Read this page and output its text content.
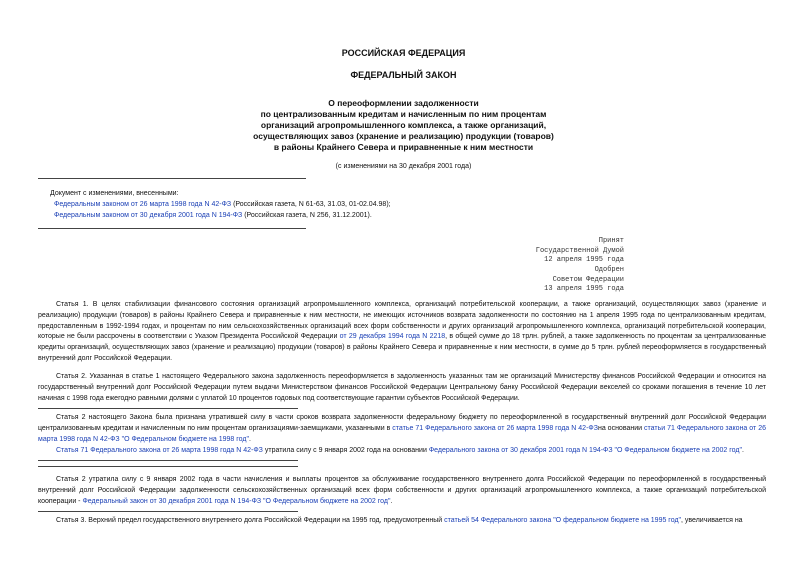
РОССИЙСКАЯ ФЕДЕРАЦИЯ
ФЕДЕРАЛЬНЫЙ ЗАКОН
О переоформлении задолженности
по централизованным кредитам и начисленным по ним процентам
организаций агропромышленного комплекса, а также организаций,
осуществляющих завоз (хранение и реализацию) продукции (товаров)
в районы Крайнего Севера и приравненные к ним местности
(с изменениями на 30 декабря 2001 года)
Документ с изменениями, внесенными:
Федеральным законом от 26 марта 1998 года N 42-ФЗ (Российская газета, N 61-63, 31.03, 01-02.04.98);
Федеральным законом от 30 декабря 2001 года N 194-ФЗ (Российская газета, N 256, 31.12.2001).
Принят
Государственной Думой
12 апреля 1995 года
Одобрен
Советом Федерации
13 апреля 1995 года
Статья 1. В целях стабилизации финансового состояния организаций агропромышленного комплекса, организаций потребительской кооперации, а также организаций, осуществляющих завоз (хранение и реализацию) продукции (товаров) в районы Крайнего Севера и приравненные к ним местности, не имеющих источников возврата задолженности по состоянию на 1 апреля 1995 года по централизованным кредитам, предоставленным в 1992-1994 годах, и процентам по ним сельскохозяйственных организаций всех форм собственности и других организаций агропромышленного комплекса, организаций потребительской кооперации, которые не были рассрочены в соответствии с Указом Президента Российской Федерации от 29 декабря 1994 года N 2218, в общей сумме до 18 трлн. рублей, а также задолженность по процентам за централизованные кредиты организаций, осуществляющих завоз (хранение и реализацию) продукции (товаров) в районы Крайнего Севера и приравненные к ним местности, в сумме до 5 трлн. рублей переоформляется в государственный внутренний долг Российской Федерации.
Статья 2. Указанная в статье 1 настоящего Федерального закона задолженность переоформляется в задолженность указанных там же организаций Министерству финансов Российской Федерации и относится на государственный внутренний долг Российской Федерации путем выдачи Министерством финансов Российской Федерации Центральному банку Российской Федерации векселей со сроками погашения в течение 10 лет начиная с 1998 года ежегодно равными долями с уплатой 10 процентов годовых под соответствующие гарантии субъектов Российской Федерации.
Статья 2 настоящего Закона была признана утратившей силу в части сроков возврата задолженности федеральному бюджету по переоформленной в государственный внутренний долг Российской Федерации централизованным кредитам и начисленным по ним процентам организациями-заемщиками, указанными в статье 71 Федерального закона от 26 марта 1998 года N 42-ФЗна основании статьи 71 Федерального закона от 26 марта 1998 года N 42-ФЗ "О Федеральном бюджете на 1998 год".
Статья 71 Федерального закона от 26 марта 1998 года N 42-ФЗ утратила силу с 9 января 2002 года на основании Федерального закона от 30 декабря 2001 года N 194-ФЗ "О Федеральном бюджете на 2002 год".
Статья 2 утратила силу с 9 января 2002 года в части начисления и выплаты процентов за обслуживание государственного внутреннего долга Российской Федерации по переоформленной в государственный внутренний долг Российской Федерации задолженности сельскохозяйственных организаций всех форм собственности и других организаций агропромышленного комплекса, а также организаций потребительской кооперации - Федеральный закон от 30 декабря 2001 года N 194-ФЗ "О Федеральном бюджете на 2002 год".
Статья 3. Верхний предел государственного внутреннего долга Российской Федерации на 1995 год, предусмотренный статьей 54 Федерального закона "О федеральном бюджете на 1995 год", увеличивается на
